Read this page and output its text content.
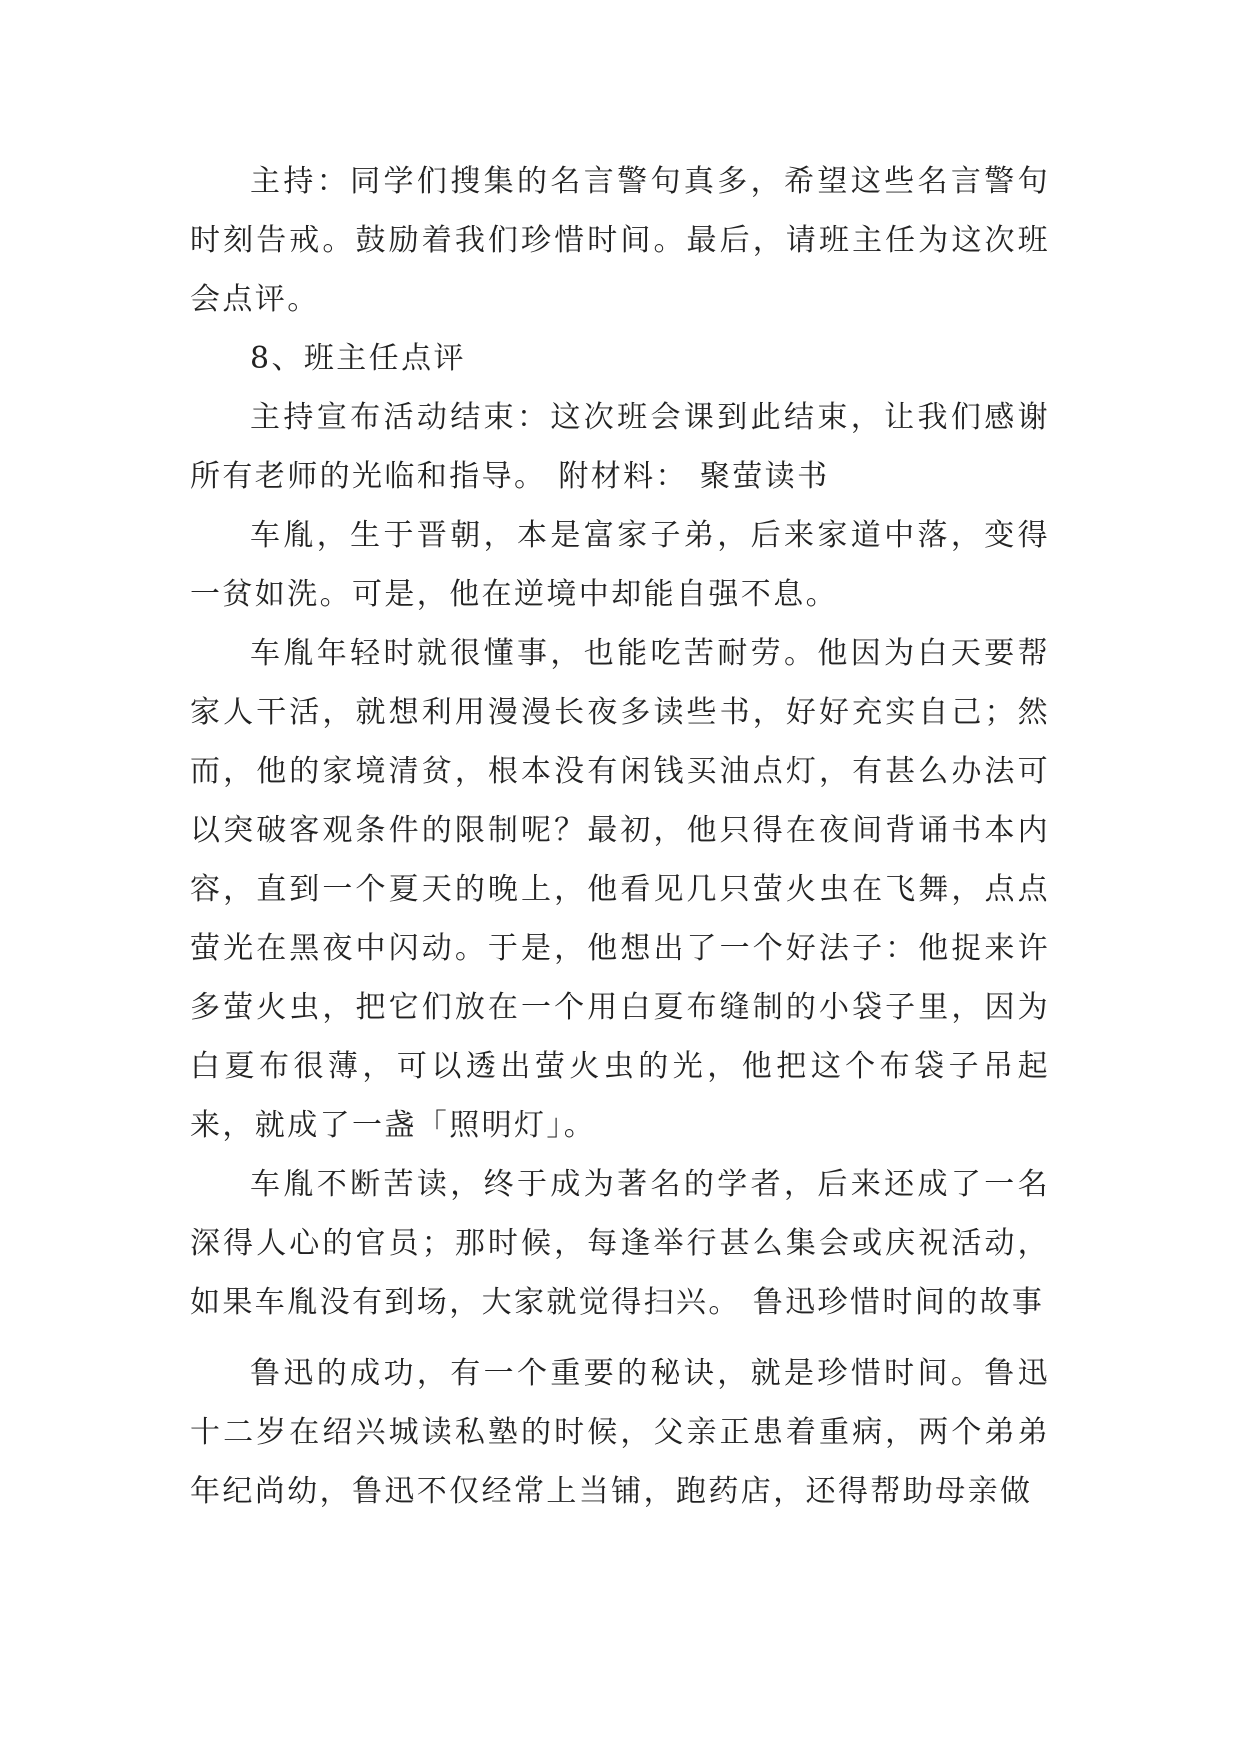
主持：同学们搜集的名言警句真多，希望这些名言警句时刻告戒。鼓励着我们珍惜时间。最后，请班主任为这次班会点评。

8、班主任点评

主持宣布活动结束：这次班会课到此结束，让我们感谢所有老师的光临和指导。 附材料： 聚萤读书

车胤，生于晋朝，本是富家子弟，后来家道中落，变得一贫如洗。可是，他在逆境中却能自强不息。

车胤年轻时就很懂事，也能吃苦耐劳。他因为白天要帮家人干活，就想利用漫漫长夜多读些书，好好充实自己；然而，他的家境清贫，根本没有闲钱买油点灯，有甚么办法可以突破客观条件的限制呢？最初，他只得在夜间背诵书本内容，直到一个夏天的晚上，他看见几只萤火虫在飞舞，点点萤光在黑夜中闪动。于是，他想出了一个好法子：他捉来许多萤火虫，把它们放在一个用白夏布缝制的小袋子里，因为白夏布很薄，可以透出萤火虫的光，他把这个布袋子吊起来，就成了一盏「照明灯」。

车胤不断苦读，终于成为著名的学者，后来还成了一名深得人心的官员；那时候，每逢举行甚么集会或庆祝活动，如果车胤没有到场，大家就觉得扫兴。 鲁迅珍惜时间的故事

鲁迅的成功，有一个重要的秘诀，就是珍惜时间。鲁迅十二岁在绍兴城读私塾的时候，父亲正患着重病，两个弟弟年纪尚幼，鲁迅不仅经常上当铺，跑药店，还得帮助母亲做
